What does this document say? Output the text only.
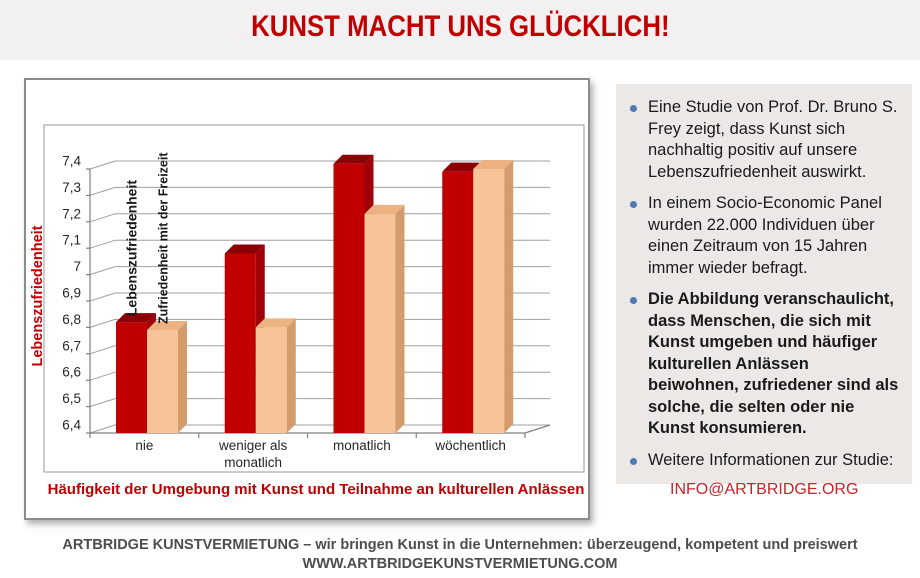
KUNST MACHT UNS GLÜCKLICH!
7,4
7,3
7,2
7,1
7
6,9
6,8
6,7
6,6
6,5
6,4
nie	weniger als
monatlich
monatlich	wöchentlich
Lebenszufriedenheit Zufriedenheit mit der Freizeit
Lebenszufriedenheit
Häufigkeit der Umgebung mit Kunst und Teilnahme an kulturellen Anlässen
Eine Studie von Prof. Dr. Bruno S. Frey zeigt, dass Kunst sich nachhaltig positiv auf unsere Lebenszufriedenheit auswirkt.
In einem Socio-Economic Panel wurden 22.000 Individuen über einen Zeitraum von 15 Jahren immer wieder befragt.
Die Abbildung veranschaulicht, dass Menschen, die sich mit Kunst umgeben und häufiger kulturellen Anlässen beiwohnen, zufriedener sind als solche, die selten oder nie Kunst konsumieren.
Weitere Informationen zur Studie:
INFO@ARTBRIDGE.ORG
ARTBRIDGE KUNSTVERMIETUNG – wir bringen Kunst in die Unternehmen: überzeugend, kompetent und preiswert
WWW.ARTBRIDGEKUNSTVERMIETUNG.COM
